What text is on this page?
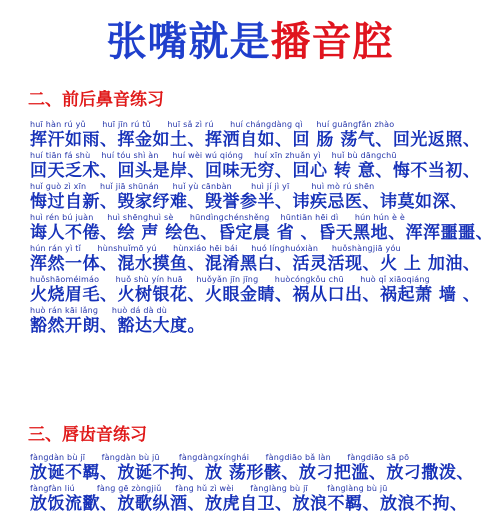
张嘴就是播音腔
二、前后鼻音练习
huī hàn rú yǔ      huī jīn rú tǔ      huī sǎ zì rú      huí chánɡdànɡ qì     huí ɡuānɡfǎn zhào
挥汗如雨、挥金如土、挥洒自如、回 肠 荡气、回光返照、
huí tiān fá shù    huí tóu shì àn     huí wèi wú qiónɡ    huí xīn zhuǎn yì    huǐ bù dānɡchū
回天乏术、回头是岸、回味无穷、回心 转 意、悔不当初、
huǐ ɡuò zì xīn     huǐ jiā shūnán     huǐ yù cānbàn       huì jí jì yī        huì mò rú shēn
悔过自新、毁家纾难、毁誉参半、讳疾忌医、讳莫如深、
huì rén bú juàn     huì shēnɡhuì sè      hūndìnɡchénshěnɡ    hūntiān hēi dì      hún hún è è
诲人不倦、绘 声 绘色、昏定晨 省 、昏天黑地、浑浑噩噩、
hún rán yì tǐ      hùnshuǐmō yú      hùnxiáo hēi bái     huó línɡhuóxiàn     huǒshànɡjiā yóu
浑然一体、混水摸鱼、混淆黑白、活灵活现、火 上 加油、
huǒshāoméimáo      huǒ shù yín huā     huǒyǎn jīn jīnɡ      huòcónɡkǒu chū      huò qǐ xiāoqiánɡ
火烧眉毛、火树银花、火眼金睛、祸从口出、祸起萧 墙 、
huò rán kāi lǎnɡ     huò dá dà dù
豁然开朗、豁达大度。
三、唇齿音练习
fànɡdàn bù jī      fànɡdàn bù jū       fànɡdànɡxínɡhái      fànɡdiāo bǎ làn      fànɡdiāo sā pō
放诞不羁、放诞不拘、放 荡形骸、放刁把滥、放刁撒泼、
fànɡfàn liú        fànɡ ɡē zònɡjiǔ     fànɡ hǔ zì wèi      fànɡlànɡ bù jī       fànɡlànɡ bù jū
放饭流歠、放歌纵酒、放虎自卫、放浪不羁、放浪不拘、
